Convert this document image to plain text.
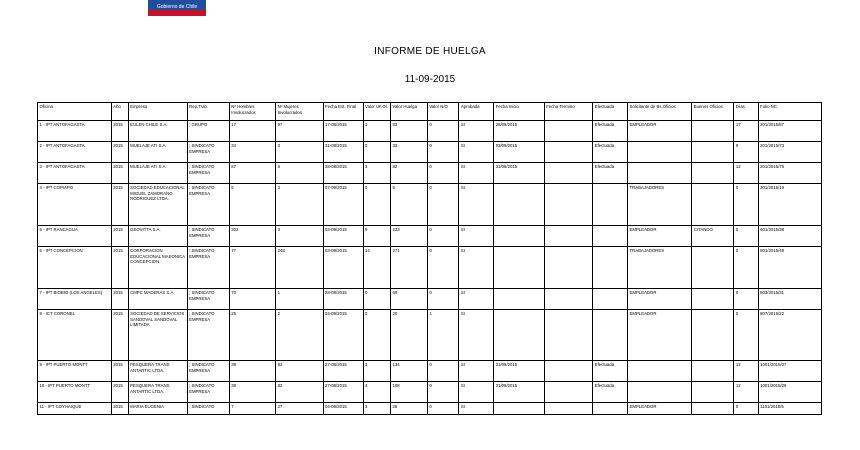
Gobierno de Chile
INFORME DE HUELGA
11-09-2015
Oficina	Año	Empresa	Rep.Trab.	Nº Hombres Involucrados	Nº Mujeres Involucrados	Fecha Est. Final	Valor UF.Ol.	Valor Huelga	Valor N/O	Aprobada	Fecha Inicio	Fecha Termino	Efectuada	Solicitante de Bs.Oficios	Buenos Oficios	Días	Folio NC
1 - IPT ANTOFAGASTA	2015	EULEN CHILE S.A.	; GRUPO	17	97	17-08/2015	1	83	0	SI	28/08/2015		Efectuada	EMPLEADOR		17	201/2015/87
2 - IPT ANTOFAGASTA	2015	MUELAJE ATI S.A.	; SINDICATO EMPRESA	34	0	31-08/2015	0	33	0	SI	03/09/2015		Efectuada			9	201/2015/73
3 - IPT ANTOFAGASTA	2015	MUELAJE ATI S.A.	; SINDICATO EMPRESA	87	6	28-08/2015	3	82	0	SI	31/08/2015		Efectuada			12	201/2015/76
4 - IPT COPIAPO	2015	SOCIEDAD EDUCACIONAL MIGUEL ZAMORANO RODRIGUEZ LTDA.	; SINDICATO EMPRESA	5	3	07-09/2015	0	5	0	SI				TRABAJADORES		0	301/2015/19
5 - IPT RANCAGUA	2015	GEOVITTA S.A.	; SINDICATO EMPRESA	302	3	03-09/2015	9	233	0	SI				EMPLEADOR	CITANDO	0	601/2015/38
6 - IPT CONCEPCION	2015	CORPORACION EDUCACIONAL MASONICA CONCEPCION.	; SINDICATO EMPRESA	77	248	03-09/2015	14	271	0	SI				TRABAJADORES		0	801/2015/48
7 - IPT BIOBIO (LOS ANGELES)	2015	CMPC MADERAS S.A.	; SINDICATO EMPRESA	70	1	28-08/2015	0	69	0	SI				EMPLEADOR		0	803/2015/31
8 - ICT CORONEL	2015	SOCIEDAD DE SERVICIOS SANDOVAL SANDOVAL LIMITADA	; SINDICATO EMPRESA	25	2	04-09/2015	0	20	1	SI				EMPLEADOR		0	807/2015/22
9 - IPT PUERTO MONTT	2015	PESQUERA TRANS ANTARTIC LTDA.	; SINDICATO EMPRESA	39	83	27-08/2015	3	134	0	SI	31/08/2015		Efectuada			12	1001/2015/27
10 - IPT PUERTO MONTT	2015	PESQUERA TRANS ANTARTIC LTDA.	; SINDICATO EMPRESA	39	83	27-08/2015	4	108	0	SI	31/08/2015		Efectuada			12	1001/2015/29
11 - IPT COYHAIQUE	2015	MARIA EUGENIA	; SINDICATO	7	27	04-09/2015	3	28	0	SI				EMPLEADOR		0	1101/2015/5
